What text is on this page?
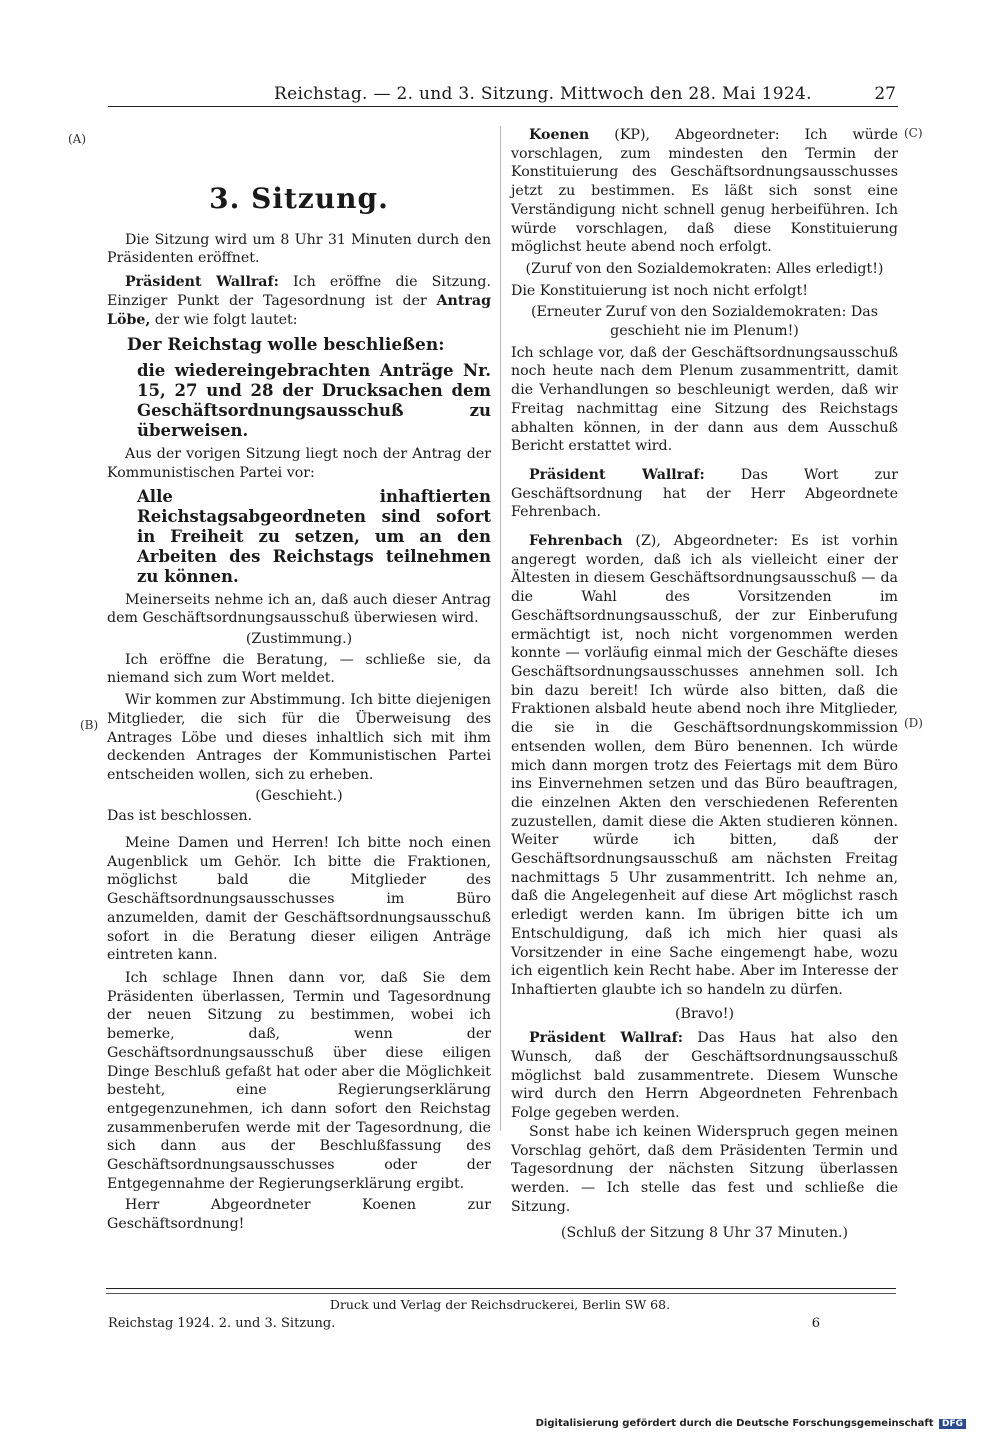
Reichstag. — 2. und 3. Sitzung. Mittwoch den 28. Mai 1924.	27
(A)
(B)
(C)
(D)

3. Sitzung.

Die Sitzung wird um 8 Uhr 31 Minuten durch den Präsidenten eröffnet.

Präsident Wallraf: Ich eröffne die Sitzung. Einziger Punkt der Tagesordnung ist der Antrag Löbe, der wie folgt lautet:

Der Reichstag wolle beschließen:

die wiedereingebrachten Anträge Nr. 15, 27 und 28 der Drucksachen dem Geschäftsordnungsausschuß zu überweisen.

Aus der vorigen Sitzung liegt noch der Antrag der Kommunistischen Partei vor:

Alle inhaftierten Reichstagsabgeordneten sind sofort in Freiheit zu setzen, um an den Arbeiten des Reichstags teilnehmen zu können.

Meinerseits nehme ich an, daß auch dieser Antrag dem Geschäftsordnungsausschuß überwiesen wird.

(Zustimmung.)

Ich eröffne die Beratung, — schließe sie, da niemand sich zum Wort meldet.

Wir kommen zur Abstimmung. Ich bitte diejenigen Mitglieder, die sich für die Überweisung des Antrages Löbe und dieses inhaltlich sich mit ihm deckenden Antrages der Kommunistischen Partei entscheiden wollen, sich zu erheben.

(Geschieht.)

Das ist beschlossen.

Meine Damen und Herren! Ich bitte noch einen Augenblick um Gehör. Ich bitte die Fraktionen, möglichst bald die Mitglieder des Geschäftsordnungsausschusses im Büro anzumelden, damit der Geschäftsordnungsausschuß sofort in die Beratung dieser eiligen Anträge eintreten kann.

Ich schlage Ihnen dann vor, daß Sie dem Präsidenten überlassen, Termin und Tagesordnung der neuen Sitzung zu bestimmen, wobei ich bemerke, daß, wenn der Geschäftsordnungsausschuß über diese eiligen Dinge Beschluß gefaßt hat oder aber die Möglichkeit besteht, eine Regierungserklärung entgegenzunehmen, ich dann sofort den Reichstag zusammenberufen werde mit der Tagesordnung, die sich dann aus der Beschlußfassung des Geschäftsordnungsausschusses oder der Entgegennahme der Regierungserklärung ergibt.

Herr Abgeordneter Koenen zur Geschäftsordnung!

Koenen (KP), Abgeordneter: Ich würde vorschlagen, zum mindesten den Termin der Konstituierung des Geschäftsordnungsausschusses jetzt zu bestimmen. Es läßt sich sonst eine Verständigung nicht schnell genug herbeiführen. Ich würde vorschlagen, daß diese Konstituierung möglichst heute abend noch erfolgt.

(Zuruf von den Sozialdemokraten: Alles erledigt!)

Die Konstituierung ist noch nicht erfolgt!

(Erneuter Zuruf von den Sozialdemokraten: Das geschieht nie im Plenum!)

Ich schlage vor, daß der Geschäftsordnungsausschuß noch heute nach dem Plenum zusammentritt, damit die Verhandlungen so beschleunigt werden, daß wir Freitag nachmittag eine Sitzung des Reichstags abhalten können, in der dann aus dem Ausschuß Bericht erstattet wird.

Präsident Wallraf:	Das Wort zur Geschäftsordnung hat der Herr Abgeordnete Fehrenbach.

Fehrenbach (Z), Abgeordneter: Es ist vorhin angeregt worden, daß ich als vielleicht einer der Ältesten in diesem Geschäftsordnungsausschuß — da die Wahl des Vorsitzenden im Geschäftsordnungsausschuß, der zur Einberufung ermächtigt ist, noch nicht vorgenommen werden konnte — vorläufig einmal mich der Geschäfte dieses Geschäftsordnungsausschusses annehmen soll. Ich bin dazu bereit! Ich würde also bitten, daß die Fraktionen alsbald heute abend noch ihre Mitglieder, die sie in die Geschäftsordnungskommission entsenden wollen, dem Büro benennen. Ich würde mich dann morgen trotz des Feiertags mit dem Büro ins Einvernehmen setzen und das Büro beauftragen, die einzelnen Akten den verschiedenen Referenten zuzustellen, damit diese die Akten studieren können. Weiter würde ich bitten, daß der Geschäftsordnungsausschuß am nächsten Freitag nachmittags 5 Uhr zusammentritt. Ich nehme an, daß die Angelegenheit auf diese Art möglichst rasch erledigt werden kann. Im übrigen bitte ich um Entschuldigung, daß ich mich hier quasi als Vorsitzender in eine Sache eingemengt habe, wozu ich eigentlich kein Recht habe. Aber im Interesse der Inhaftierten glaubte ich so handeln zu dürfen.

(Bravo!)

Präsident Wallraf: Das Haus hat also den Wunsch, daß der Geschäftsordnungsausschuß möglichst bald zusammentrete. Diesem Wunsche wird durch den Herrn Abgeordneten Fehrenbach Folge gegeben werden.

Sonst habe ich keinen Widerspruch gegen meinen Vorschlag gehört, daß dem Präsidenten Termin und Tagesordnung der nächsten Sitzung überlassen werden. — Ich stelle das fest und schließe die Sitzung.

(Schluß der Sitzung 8 Uhr 37 Minuten.)

Druck und Verlag der Reichsdruckerei, Berlin SW 68.
Reichstag 1924. 2. und 3. Sitzung.	6
Digitalisierung gefördert durch die Deutsche Forschungsgemeinschaft DFG
